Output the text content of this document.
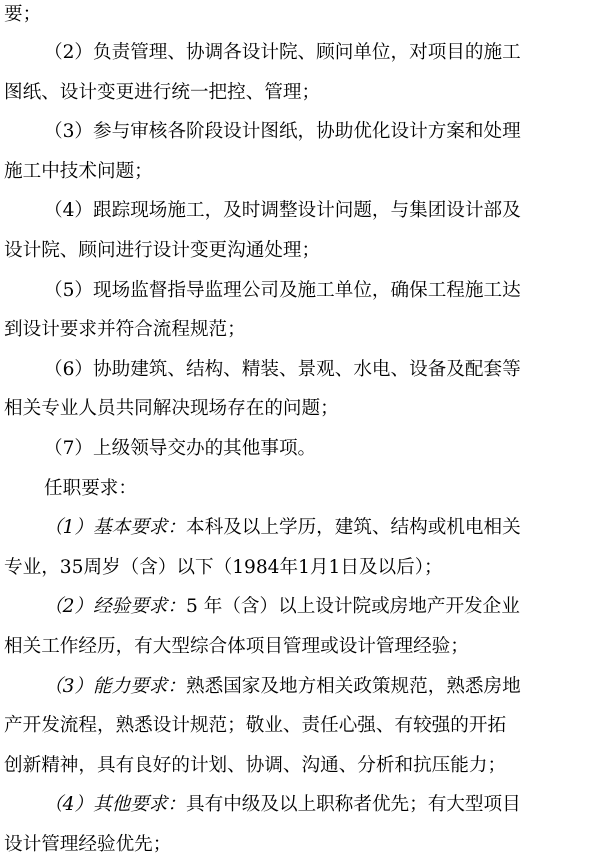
要；
（2）负责管理、协调各设计院、顾问单位，对项目的施工
图纸、设计变更进行统一把控、管理；
（3）参与审核各阶段设计图纸，协助优化设计方案和处理
施工中技术问题；
（4）跟踪现场施工，及时调整设计问题，与集团设计部及
设计院、顾问进行设计变更沟通处理；
（5）现场监督指导监理公司及施工单位，确保工程施工达
到设计要求并符合流程规范；
（6）协助建筑、结构、精装、景观、水电、设备及配套等
相关专业人员共同解决现场存在的问题；
（7）上级领导交办的其他事项。
任职要求：
（1）基本要求：本科及以上学历，建筑、结构或机电相关
专业，35周岁（含）以下（1984年1月1日及以后）；
（2）经验要求：5 年（含）以上设计院或房地产开发企业
相关工作经历，有大型综合体项目管理或设计管理经验；
（3）能力要求：熟悉国家及地方相关政策规范，熟悉房地
产开发流程，熟悉设计规范；敬业、责任心强、有较强的开拓
创新精神，具有良好的计划、协调、沟通、分析和抗压能力；
（4）其他要求：具有中级及以上职称者优先；有大型项目
设计管理经验优先；
